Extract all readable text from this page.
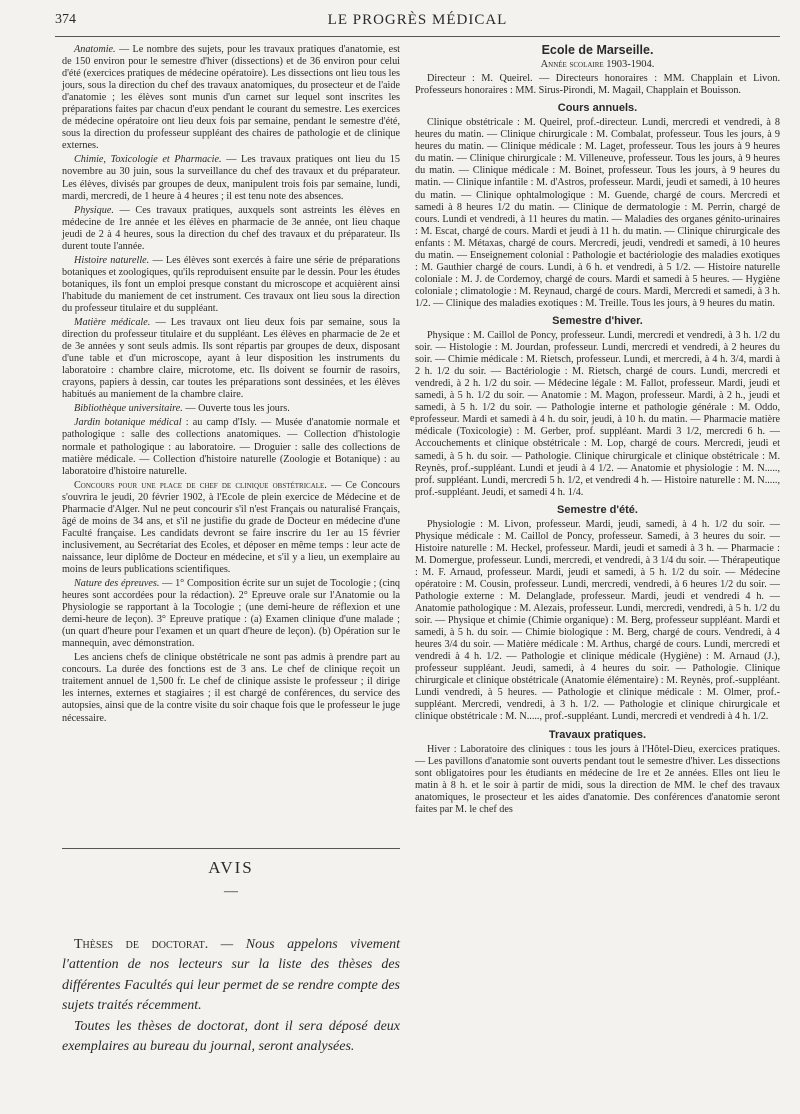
374	LE PROGRÈS MÉDICAL

Anatomie. — Le nombre des sujets, pour les travaux pratiques d'anatomie, est de 150 environ pour le semestre d'hiver (dissections) et de 36 environ pour celui d'été (exercices pratiques de médecine opératoire). Les dissections ont lieu tous les jours, sous la direction du chef des travaux anatomiques, du prosecteur et de l'aide d'anatomie ; les élèves sont munis d'un carnet sur lequel sont inscrites les préparations faites par chacun d'eux pendant le courant du semestre. Les exercices de médecine opératoire ont lieu deux fois par semaine, pendant le semestre d'été, sous la direction du professeur suppléant des chaires de pathologie et de clinique externes.

Chimie, Toxicologie et Pharmacie. — Les travaux pratiques ont lieu du 15 novembre au 30 juin, sous la surveillance du chef des travaux et du préparateur. Les élèves, divisés par groupes de deux, manipulent trois fois par semaine, lundi, mardi, mercredi, de 1 heure à 4 heures ; il est tenu note des absences.

Physique. — Ces travaux pratiques, auxquels sont astreints les élèves en médecine de 1re année et les élèves en pharmacie de 3e année, ont lieu chaque jeudi de 2 à 4 heures, sous la direction du chef des travaux et du préparateur. Ils durent toute l'année.

Histoire naturelle. — Les élèves sont exercés à faire une série de préparations botaniques et zoologiques, qu'ils reproduisent ensuite par le dessin. Pour les études botaniques, ils font un emploi presque constant du microscope et acquièrent ainsi l'habitude du maniement de cet instrument. Ces travaux ont lieu sous la direction du professeur titulaire et du suppléant.

Matière médicale. — Les travaux ont lieu deux fois par semaine, sous la direction du professeur titulaire et du suppléant. Les élèves en pharmacie de 2e et de 3e années y sont seuls admis. Ils sont répartis par groupes de deux, disposant d'une table et d'un microscope, ayant à leur disposition les instruments du laboratoire : chambre claire, microtome, etc. Ils doivent se fournir de rasoirs, crayons, papiers à dessin, car toutes les préparations sont dessinées, et les élèves habitués au maniement de la chambre claire.

Bibliothèque universitaire. — Ouverte tous les jours.

Jardin botanique médical : au camp d'Isly. — Musée d'anatomie normale et pathologique : salle des collections anatomiques. — Collection d'histologie normale et pathologique : au laboratoire. — Droguier : salle des collections de matière médicale. — Collection d'histoire naturelle (Zoologie et Botanique) : au laboratoire d'histoire naturelle.

Concours pour une place de chef de clinique obstétricale. — Ce Concours s'ouvrira le jeudi, 20 février 1902, à l'Ecole de plein exercice de Médecine et de Pharmacie d'Alger. Nul ne peut concourir s'il n'est Français ou naturalisé Français, âgé de moins de 34 ans, et s'il ne justifie du grade de Docteur en médecine d'une Faculté française. Les candidats devront se faire inscrire du 1er au 15 février inclusivement, au Secrétariat des Ecoles, et déposer en même temps : leur acte de naissance, leur diplôme de Docteur en médecine, et s'il y a lieu, un exemplaire au moins de leurs publications scientifiques.

Nature des épreuves. — 1° Composition écrite sur un sujet de Tocologie ; (cinq heures sont accordées pour la rédaction). 2° Epreuve orale sur l'Anatomie ou la Physiologie se rapportant à la Tocologie ; (une demi-heure de réflexion et une demi-heure de leçon). 3° Epreuve pratique : (a) Examen clinique d'une malade ; (un quart d'heure pour l'examen et un quart d'heure de leçon). (b) Opération sur le mannequin, avec démonstration.

Les anciens chefs de clinique obstétricale ne sont pas admis à prendre part au concours. La durée des fonctions est de 3 ans. Le chef de clinique reçoit un traitement annuel de 1,500 fr. Le chef de clinique assiste le professeur ; il dirige les internes, externes et stagiaires ; il est chargé de conférences, du service des autopsies, ainsi que de la contre visite du soir chaque fois que le professeur le juge nécessaire.

AVIS
—

Thèses de doctorat. — Nous appelons vivement l'attention de nos lecteurs sur la liste des thèses des différentes Facultés qui leur permet de se rendre compte des sujets traités récemment.

Toutes les thèses de doctorat, dont il sera déposé deux exemplaires au bureau du journal, seront analysées.

e
Ecole de Marseille.
Année scolaire 1903-1904.

Directeur : M. Queirel. — Directeurs honoraires : MM. Chapplain et Livon. Professeurs honoraires : MM. Sirus-Pirondi, M. Magail, Chapplain et Bouisson.

Cours annuels.

Clinique obstétricale : M. Queirel, prof.-directeur. Lundi, mercredi et vendredi, à 8 heures du matin. — Clinique chirurgicale : M. Combalat, professeur. Tous les jours, à 9 heures du matin. — Clinique médicale : M. Laget, professeur. Tous les jours à 9 heures du matin. — Clinique chirurgicale : M. Villeneuve, professeur. Tous les jours, à 9 heures du matin. — Clinique médicale : M. Boinet, professeur. Tous les jours, à 9 heures du matin. — Clinique infantile : M. d'Astros, professeur. Mardi, jeudi et samedi, à 10 heures du matin. — Clinique ophtalmologique : M. Guende, chargé de cours. Mercredi et samedi à 8 heures 1/2 du matin. — Clinique de dermatologie : M. Perrin, chargé de cours. Lundi et vendredi, à 11 heures du matin. — Maladies des organes génito-urinaires : M. Escat, chargé de cours. Mardi et jeudi à 11 h. du matin. — Clinique chirurgicale des enfants : M. Métaxas, chargé de cours. Mercredi, jeudi, vendredi et samedi, à 10 heures du matin. — Enseignement colonial : Pathologie et bactériologie des maladies exotiques : M. Gauthier chargé de cours. Lundi, à 6 h. et vendredi, à 5 1/2. — Histoire naturelle coloniale : M. J. de Cordemoy, chargé de cours. Mardi et samedi à 5 heures. — Hygiène coloniale ; climatologie : M. Reynaud, chargé de cours. Mardi, Mercredi et samedi, à 3 h. 1/2. — Clinique des maladies exotiques : M. Treille. Tous les jours, à 9 heures du matin.

Semestre d'hiver.

Physique : M. Caillol de Poncy, professeur. Lundi, mercredi et vendredi, à 3 h. 1/2 du soir. — Histologie : M. Jourdan, professeur. Lundi, mercredi et vendredi, à 2 heures du soir. — Chimie médicale : M. Rietsch, professeur. Lundi, et mercredi, à 4 h. 3/4, mardi à 2 h. 1/2 du soir. — Bactériologie : M. Rietsch, chargé de cours. Lundi, mercredi et vendredi, à 2 h. 1/2 du soir. — Médecine légale : M. Fallot, professeur. Mardi, jeudi et samedi, à 5 h. 1/2 du soir. — Anatomie : M. Magon, professeur. Mardi, à 2 h., jeudi et samedi, à 5 h. 1/2 du soir. — Pathologie interne et pathologie générale : M. Oddo, professeur. Mardi et samedi à 4 h. du soir, jeudi, à 10 h. du matin. — Pharmacie matière médicale (Toxicologie) : M. Gerber, prof. suppléant. Mardi 3 1/2, mercredi 6 h. — Accouchements et clinique obstétricale : M. Lop, chargé de cours. Mercredi, jeudi et samedi, à 5 h. du soir. — Pathologie. Clinique chirurgicale et clinique obstétricale : M. Reynès, prof.-suppléant. Lundi et jeudi à 4 1/2. — Anatomie et physiologie : M. N....., prof. suppléant. Lundi, mercredi 5 h. 1/2, et vendredi 4 h. — Histoire naturelle : M. N....., prof.-suppléant. Jeudi, et samedi 4 h. 1/4.

Semestre d'été.

Physiologie : M. Livon, professeur. Mardi, jeudi, samedi, à 4 h. 1/2 du soir. — Physique médicale : M. Caillol de Poncy, professeur. Samedi, à 3 heures du soir. — Histoire naturelle : M. Heckel, professeur. Mardi, jeudi et samedi à 3 h. — Pharmacie : M. Domergue, professeur. Lundi, mercredi, et vendredi, à 3 1/4 du soir. — Thérapeutique : M. F. Arnaud, professeur. Mardi, jeudi et samedi, à 5 h. 1/2 du soir. — Médecine opératoire : M. Cousin, professeur. Lundi, mercredi, vendredi, à 6 heures 1/2 du soir. — Pathologie externe : M. Delanglade, professeur. Mardi, jeudi et vendredi 4 h. — Anatomie pathologique : M. Alezais, professeur. Lundi, mercredi, vendredi, à 5 h. 1/2 du soir. — Physique et chimie (Chimie organique) : M. Berg, professeur suppléant. Mardi et samedi, à 5 h. du soir. — Chimie biologique : M. Berg, chargé de cours. Vendredi, à 4 heures 3/4 du soir. — Matière médicale : M. Arthus, chargé de cours. Lundi, mercredi et vendredi à 4 h. 1/2. — Pathologie et clinique médicale (Hygiène) : M. Arnaud (J.), professeur suppléant. Jeudi, samedi, à 4 heures du soir. — Pathologie. Clinique chirurgicale et clinique obstétricale (Anatomie élémentaire) : M. Reynès, prof.-suppléant. Lundi vendredi, à 5 heures. — Pathologie et clinique médicale : M. Olmer, prof.-suppléant. Mercredi, vendredi, à 3 h. 1/2. — Pathologie et clinique chirurgicale et clinique obstétricale : M. N....., prof.-suppléant. Lundi, mercredi et vendredi à 4 h. 1/2.

Travaux pratiques.

Hiver : Laboratoire des cliniques : tous les jours à l'Hôtel-Dieu, exercices pratiques. — Les pavillons d'anatomie sont ouverts pendant tout le semestre d'hiver. Les dissections sont obligatoires pour les étudiants en médecine de 1re et 2e années. Elles ont lieu le matin à 8 h. et le soir à partir de midi, sous la direction de MM. le chef des travaux anatomiques, le prosecteur et les aides d'anatomie. Des conférences d'anatomie seront faites par M. le chef des
